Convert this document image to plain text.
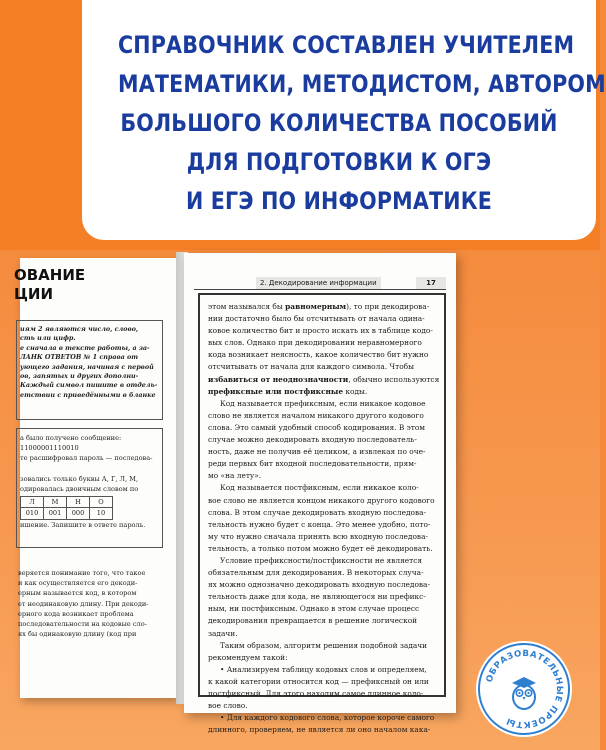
СПРАВОЧНИК СОСТАВЛЕН УЧИТЕЛЕМ
МАТЕМАТИКИ, МЕТОДИСТОМ, АВТОРОМ
БОЛЬШОГО КОЛИЧЕСТВА ПОСОБИЙ
ДЛЯ ПОДГОТОВКИ К ОГЭ
И ЕГЭ ПО ИНФОРМАТИКЕ
ОВАНИЕ
ЦИИ
иям 2 являются число, слово,
сть или цифр.
е сначала в тексте работы, а за-
ЛАНК ОТВЕТОВ № 1 справа от
ующего задания, начиная с первой
ов, запятых и других дополни-
Каждый символ пишите в отдель-
етствии с приведёнными в бланке
а было получено сообщение:
11000001110010
те расшифровал пароль — последова-

зовались только буквы А, Г, Л, М,
одировалась двоичным словом по
Л	М	Н	О
010	001	000	10
ишение. Запишите в ответе пароль.
веряется понимание того, что такое
и как осуществляется его декоди-
ерным называется код, в котором
ет неодинаковую длину. При декоди-
ерного кода возникает проблема
последовательности на кодовые сло-
ях бы одинаковую длину (код при
2. Декодирование информации	17
этом назывался бы равномерным), то при декодирова-
нии достаточно было бы отсчитывать от начала одина-
ковое количество бит и просто искать их в таблице кодо-
вых слов. Однако при декодировании неравномерного
кода возникает неясность, какое количество бит нужно
отсчитывать от начала для каждого символа. Чтобы
избавиться от неоднозначности, обычно используются
префиксные или постфиксные коды.
Код называется префиксным, если никакое кодовое
слово не является началом никакого другого кодового
слова. Это самый удобный способ кодирования. В этом
случае можно декодировать входную последователь-
ность, даже не получив её целиком, а извлекая по оче-
реди первых бит входной последовательности, прям-
мо «на лету».
Код называется постфиксным, если никакое коло-
вое слово не является концом никакого другого кодового
слова. В этом случае декодировать входную последова-
тельность нужно будет с конца. Это менее удобно, пото-
му что нужно сначала принять всю входную последова-
тельность, а только потом можно будет её декодировать.
Условие префиксности/постфиксности не является
обязательным для декодирования. В некоторых случа-
ях можно однозначно декодировать входную последова-
тельность даже для кода, не являющегося ни префикс-
ным, ни постфиксным. Однако в этом случае процесс
декодирования превращается в решение логической
задачи.
Таким образом, алгоритм решения подобной задачи
рекомендуем такой:
• Анализируем таблицу кодовых слов и определяем,
к какой категории относится код — префиксный он или
постфиксный. Для этого находим самое длинное кодо-
вое слово.
• Для каждого кодового слова, которое короче самого
длинного, проверяем, не является ли оно началом кака-
ОБРАЗОВАТЕЛЬНЫЕ ПРОЕКТЫ
